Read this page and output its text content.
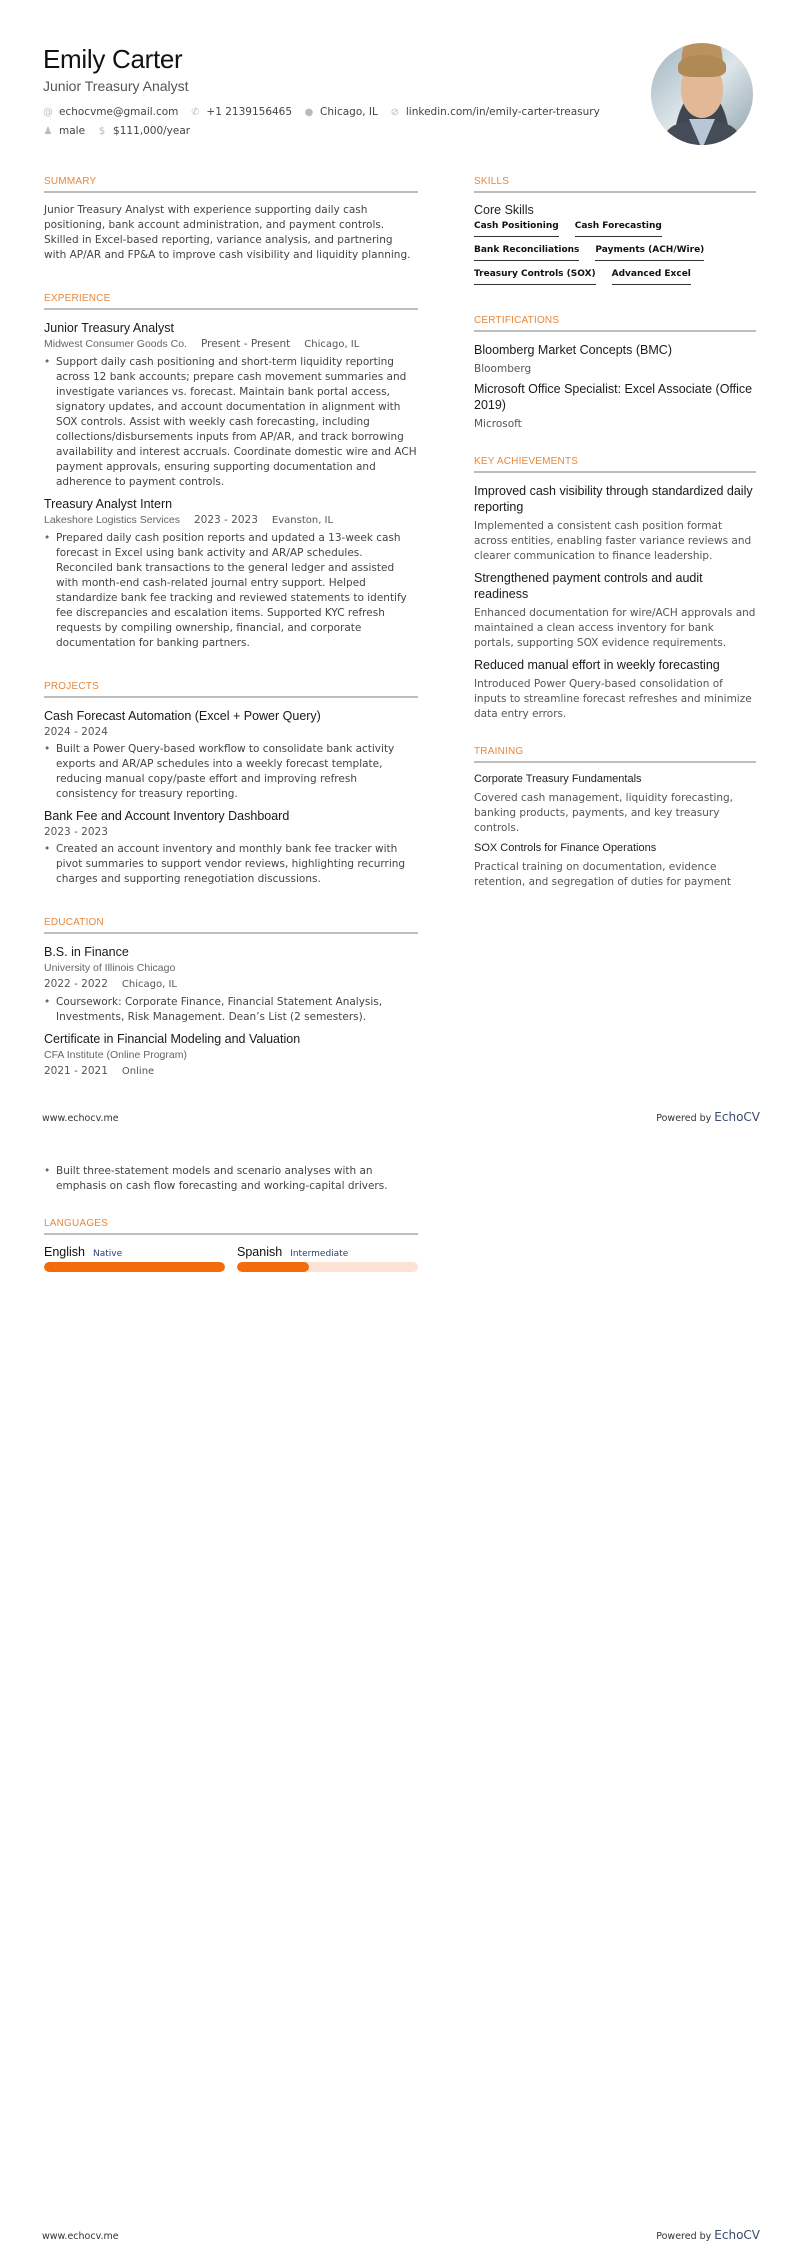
Emily Carter
Junior Treasury Analyst
@ echocvme@gmail.com ✆ +1 2139156465 ● Chicago, IL ⊘ linkedin.com/in/emily-carter-treasury
♟ male $ $111,000/year
SUMMARY

Junior Treasury Analyst with experience supporting daily cash positioning, bank account administration, and payment controls. Skilled in Excel-based reporting, variance analysis, and partnering with AP/AR and FP&A to improve cash visibility and liquidity planning.

EXPERIENCE
Junior Treasury Analyst
Midwest Consumer Goods Co. Present - Present Chicago, IL
• Support daily cash positioning and short-term liquidity reporting across 12 bank accounts; prepare cash movement summaries and investigate variances vs. forecast. Maintain bank portal access, signatory updates, and account documentation in alignment with SOX controls. Assist with weekly cash forecasting, including collections/disbursements inputs from AP/AR, and track borrowing availability and interest accruals. Coordinate domestic wire and ACH payment approvals, ensuring supporting documentation and adherence to payment controls.
Treasury Analyst Intern
Lakeshore Logistics Services 2023 - 2023 Evanston, IL
• Prepared daily cash position reports and updated a 13-week cash forecast in Excel using bank activity and AR/AP schedules. Reconciled bank transactions to the general ledger and assisted with month-end cash-related journal entry support. Helped standardize bank fee tracking and reviewed statements to identify fee discrepancies and escalation items. Supported KYC refresh requests by compiling ownership, financial, and corporate documentation for banking partners.
PROJECTS
Cash Forecast Automation (Excel + Power Query)
2024 - 2024
• Built a Power Query-based workflow to consolidate bank activity exports and AR/AP schedules into a weekly forecast template, reducing manual copy/paste effort and improving refresh consistency for treasury reporting.
Bank Fee and Account Inventory Dashboard
2023 - 2023
• Created an account inventory and monthly bank fee tracker with pivot summaries to support vendor reviews, highlighting recurring charges and supporting renegotiation discussions.
EDUCATION
B.S. in Finance
University of Illinois Chicago
2022 - 2022 Chicago, IL
• Coursework: Corporate Finance, Financial Statement Analysis, Investments, Risk Management. Dean’s List (2 semesters).
Certificate in Financial Modeling and Valuation
CFA Institute (Online Program)
2021 - 2021 Online
SKILLS
Core Skills
Cash Positioning Cash Forecasting
Bank Reconciliations Payments (ACH/Wire)
Treasury Controls (SOX) Advanced Excel
CERTIFICATIONS
Bloomberg Market Concepts (BMC)
Bloomberg
Microsoft Office Specialist: Excel Associate (Office 2019)
Microsoft
KEY ACHIEVEMENTS
Improved cash visibility through standardized daily reporting
Implemented a consistent cash position format across entities, enabling faster variance reviews and clearer communication to finance leadership.
Strengthened payment controls and audit readiness
Enhanced documentation for wire/ACH approvals and maintained a clean access inventory for bank portals, supporting SOX evidence requirements.
Reduced manual effort in weekly forecasting
Introduced Power Query-based consolidation of inputs to streamline forecast refreshes and minimize data entry errors.
TRAINING
Corporate Treasury Fundamentals
Covered cash management, liquidity forecasting, banking products, payments, and key treasury controls.
SOX Controls for Finance Operations
Practical training on documentation, evidence retention, and segregation of duties for payment
www.echocv.me	Powered by EchoCV
• Built three-statement models and scenario analyses with an emphasis on cash flow forecasting and working-capital drivers.
LANGUAGES
English Native	Spanish Intermediate
www.echocv.me	Powered by EchoCV
